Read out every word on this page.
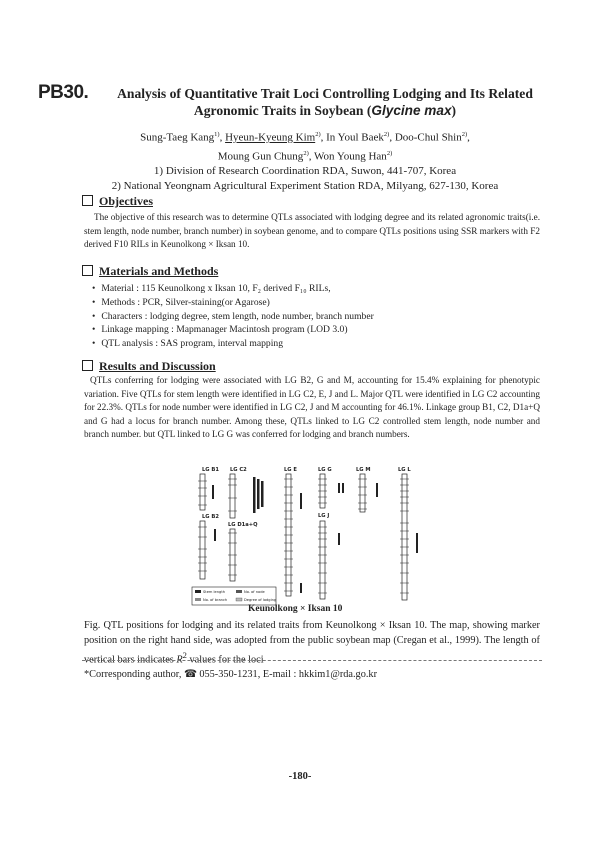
PB30.	Analysis of Quantitative Trait Loci Controlling Lodging and Its Related
Agronomic Traits in Soybean (Glycine max)
Sung-Taeg Kang$^{1)}$, Hyeun-Kyeung Kim$^{2)}$, In Youl Baek$^{2)}$, Doo-Chul Shin$^{2)}$,
Moung Gun Chung$^{2)}$, Won Young Han$^{2)}$
1) Division of Research Coordination RDA, Suwon, 441-707, Korea
2) National Yeongnam Agricultural Experiment Station RDA, Milyang, 627-130, Korea
Objectives
The objective of this research was to determine QTLs associated with lodging degree and its related agronomic traits(i.e. stem length, node number, branch number) in soybean genome, and to compare QTLs positions using SSR markers with F2 derived F10 RILs in Keunolkong × Iksan 10.
Materials and Methods
• Material : 115 Keunolkong x Iksan 10, F₂ derived F₁₀ RILs,
• Methods : PCR, Silver-staining(or Agarose)
• Characters : lodging degree, stem length, node number, branch number
• Linkage mapping : Mapmanager Macintosh program (LOD 3.0)
• QTL analysis : SAS program, interval mapping
Results and Discussion
QTLs conferring for lodging were associated with LG B2, G and M, accounting for 15.4% explaining for phenotypic variation. Five QTLs for stem length were identified in LG C2, E, J and L. Major QTL were identified in LG C2 accounting for 22.3%. QTLs for node number were identified in LG C2, J and M accounting for 46.1%. Linkage group B1, C2, D1a+Q and G had a locus for branch number. Among these, QTLs linked to LG C2 controlled stem length, node number and branch number. but QTL linked to LG G was conferred for lodging and branch numbers.
LG B1 LG C2	LG E	LG G	LG M	LG L
LG B2
LG D1a+Q
LG J
Stem length	No. of node
No. of branch	Degree of lodging
Keunolkong × Iksan 10
Fig. QTL positions for lodging and its related traits from Keunolkong × Iksan 10. The map, showing marker position on the right hand side, was adopted from the public soybean map (Cregan et al., 1999). The length of vertical bars indicates $R^2$ values for the loci
*Corresponding author, ☎ 055-350-1231, E-mail : hkkim1@rda.go.kr
-180-
